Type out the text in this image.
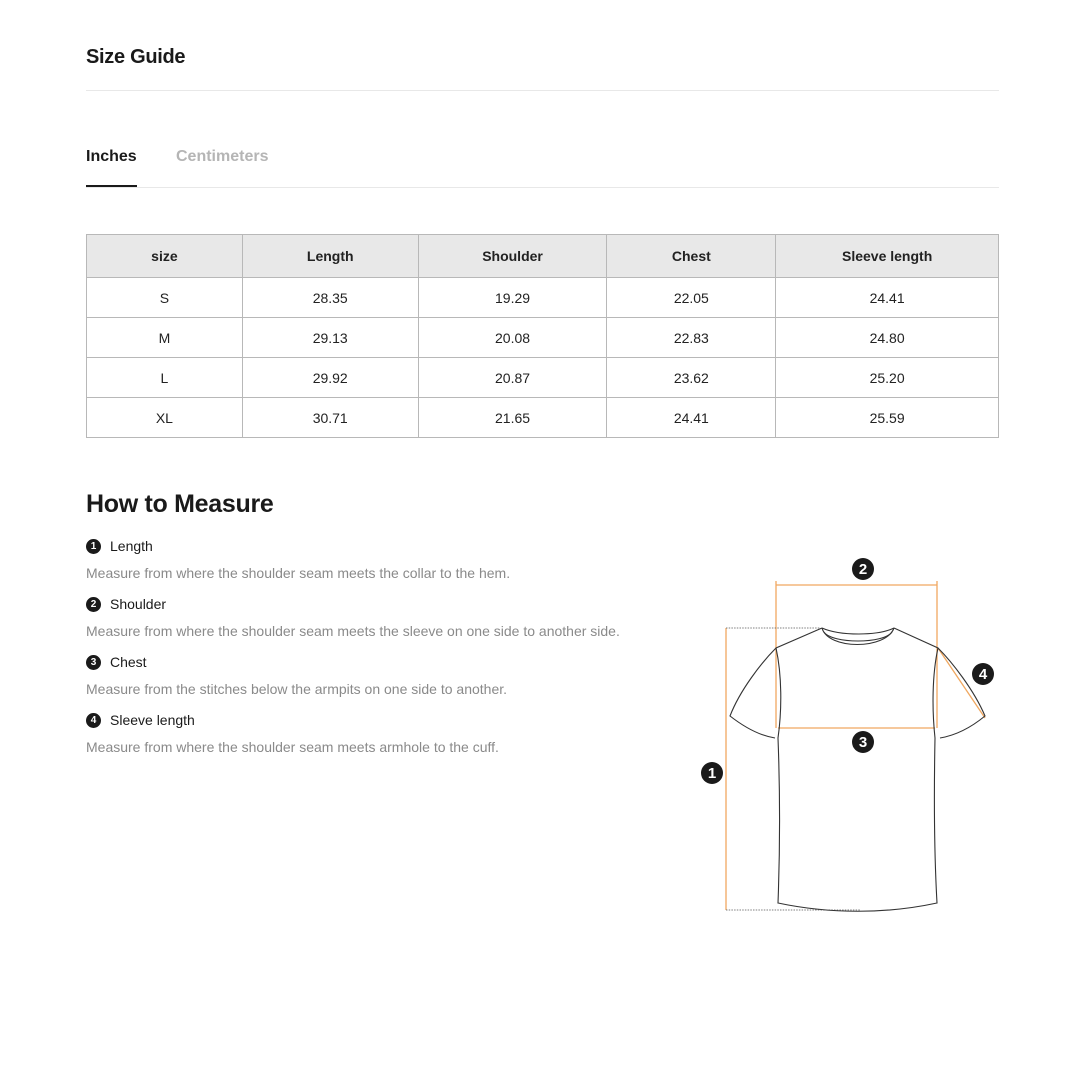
Size Guide
Inches Centimeters
size	Length	Shoulder	Chest	Sleeve length
S	28.35	19.29	22.05	24.41
M	29.13	20.08	22.83	24.80
L	29.92	20.87	23.62	25.20
XL	30.71	21.65	24.41	25.59
How to Measure
1 Length
Measure from where the shoulder seam meets the collar to the hem.
2 Shoulder
Measure from where the shoulder seam meets the sleeve on one side to another side.
3 Chest
Measure from the stitches below the armpits on one side to another.
4 Sleeve length
Measure from where the shoulder seam meets armhole to the cuff.
2
4
3
1
